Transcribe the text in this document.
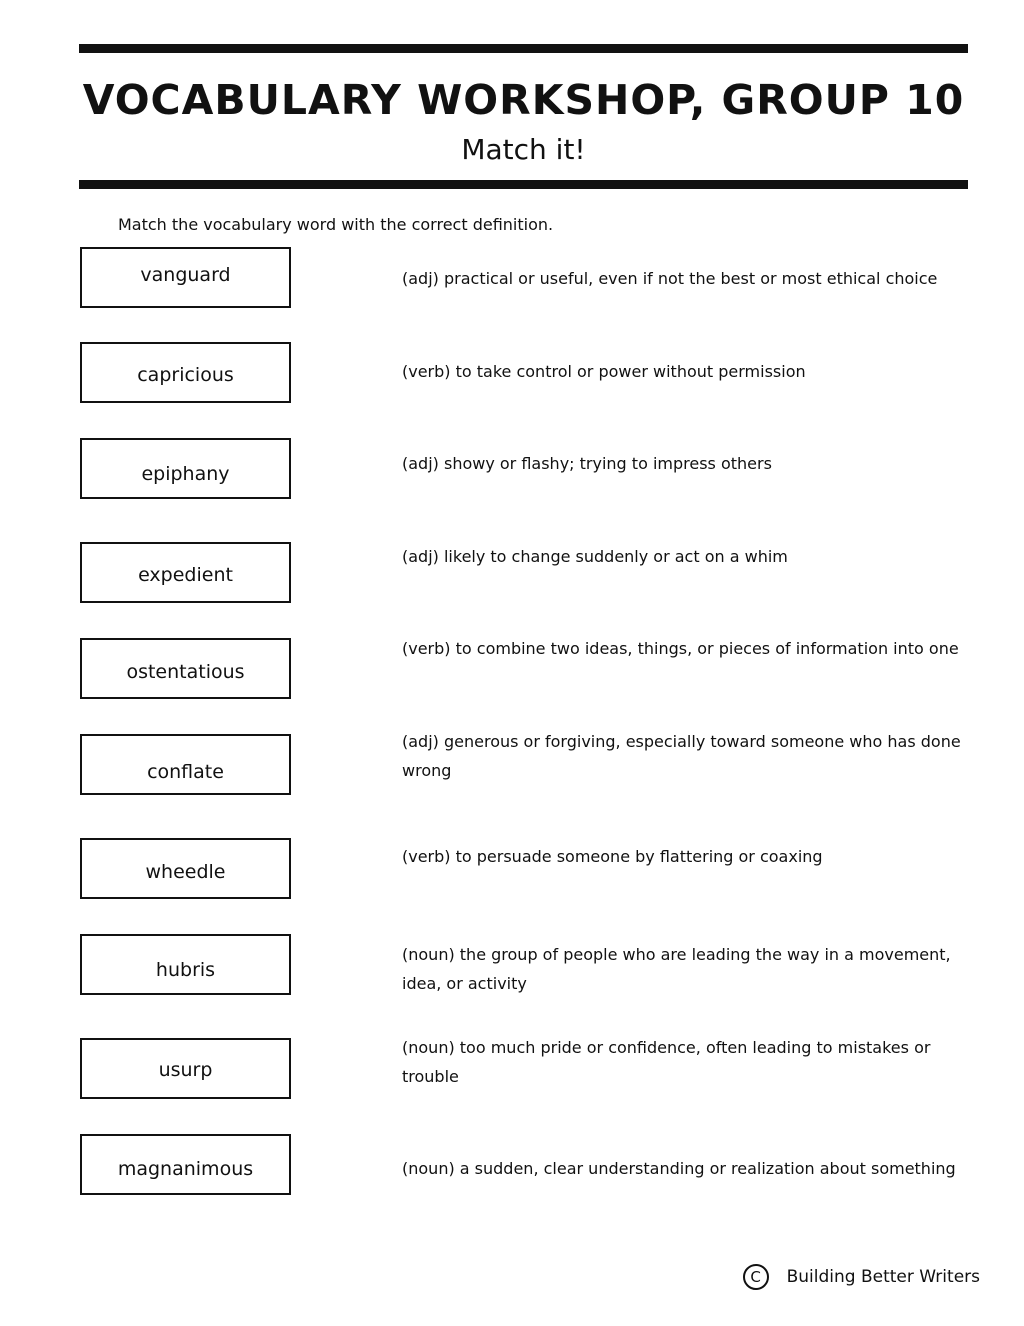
VOCABULARY WORKSHOP, GROUP 10
Match it!
Match the vocabulary word with the correct definition.
vanguard
capricious
epiphany
expedient
ostentatious
conflate
wheedle
hubris
usurp
magnanimous
(adj) practical or useful, even if not the best or most ethical choice
(verb) to take control or power without permission
(adj) showy or flashy; trying to impress others
(adj) likely to change suddenly or act on a whim
(verb) to combine two ideas, things, or pieces of information into one
(adj) generous or forgiving, especially toward someone who has done wrong
(verb) to persuade someone by flattering or coaxing
(noun) the group of people who are leading the way in a movement, idea, or activity
(noun) too much pride or confidence, often leading to mistakes or trouble
(noun) a sudden, clear understanding or realization about something
C	Building Better Writers
